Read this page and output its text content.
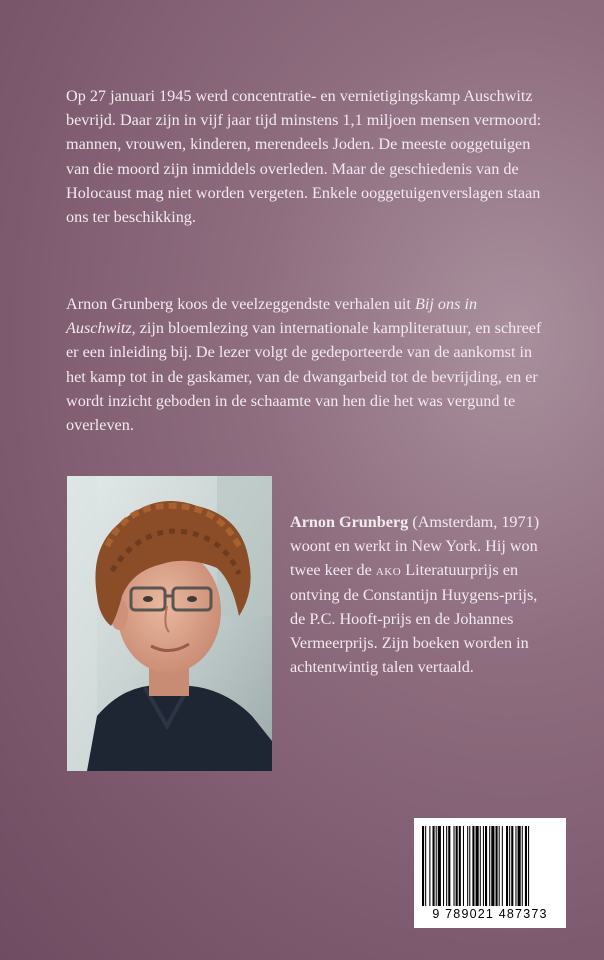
Op 27 januari 1945 werd concentratie- en vernietigingskamp Auschwitz bevrijd. Daar zijn in vijf jaar tijd minstens 1,1 miljoen mensen vermoord: mannen, vrouwen, kinderen, merendeels Joden. De meeste ooggetuigen van die moord zijn inmiddels overleden. Maar de geschiedenis van de Holocaust mag niet worden vergeten. Enkele ooggetuigenverslagen staan ons ter beschikking.

Arnon Grunberg koos de veelzeggendste verhalen uit Bij ons in Auschwitz, zijn bloemlezing van internationale kampliteratuur, en schreef er een inleiding bij. De lezer volgt de gedeporteerde van de aankomst in het kamp tot in de gaskamer, van de dwangarbeid tot de bevrijding, en er wordt inzicht geboden in de schaamte van hen die het was vergund te overleven.

Arnon Grunberg (Amsterdam, 1971) woont en werkt in New York. Hij won twee keer de ako Literatuurprijs en ontving de Constantijn Huygens-prijs, de P.C. Hooft-prijs en de Johannes Vermeerprijs. Zijn boeken worden in achtentwintig talen vertaald.

9 789021 487373
